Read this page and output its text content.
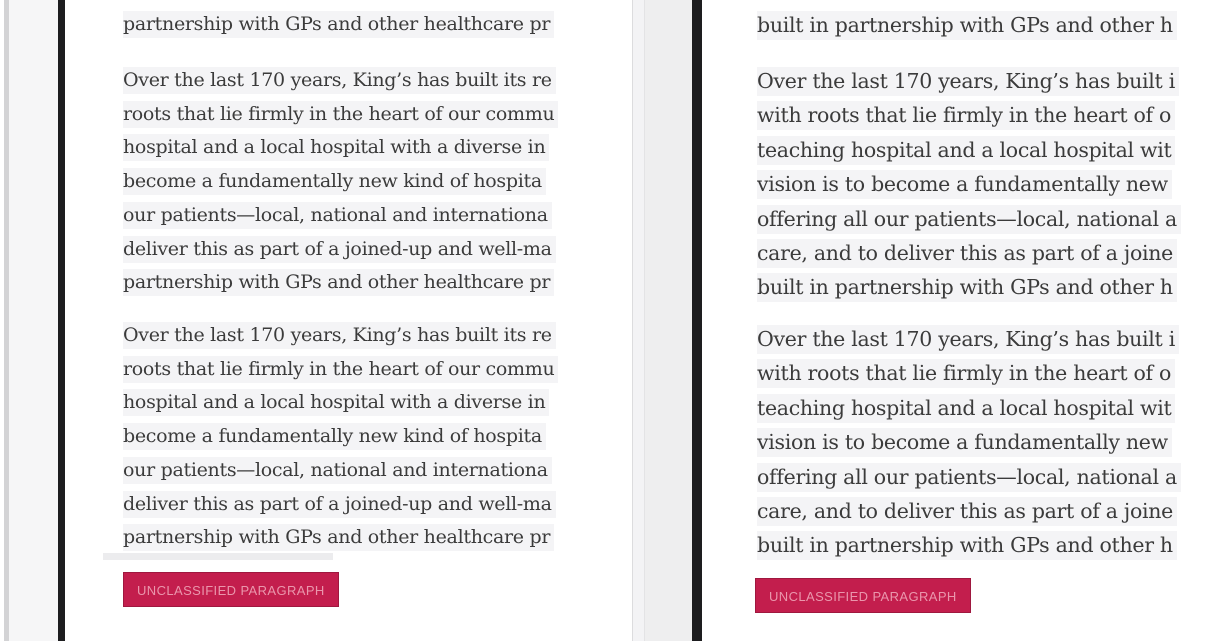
partnership with GPs and other healthcare pr
Over the last 170 years, King’s has built its re
roots that lie firmly in the heart of our commu
hospital and a local hospital with a diverse in
become a fundamentally new kind of hospita
our patients—local, national and internationa
deliver this as part of a joined-up and well-ma
partnership with GPs and other healthcare pr
Over the last 170 years, King’s has built its re
roots that lie firmly in the heart of our commu
hospital and a local hospital with a diverse in
become a fundamentally new kind of hospita
our patients—local, national and internationa
deliver this as part of a joined-up and well-ma
partnership with GPs and other healthcare pr
UNCLASSIFIED PARAGRAPH
built in partnership with GPs and other h
Over the last 170 years, King’s has built i
with roots that lie firmly in the heart of o
teaching hospital and a local hospital wit
vision is to become a fundamentally new
offering all our patients—local, national a
care, and to deliver this as part of a joine
built in partnership with GPs and other h
Over the last 170 years, King’s has built i
with roots that lie firmly in the heart of o
teaching hospital and a local hospital wit
vision is to become a fundamentally new
offering all our patients—local, national a
care, and to deliver this as part of a joine
built in partnership with GPs and other h
UNCLASSIFIED PARAGRAPH
